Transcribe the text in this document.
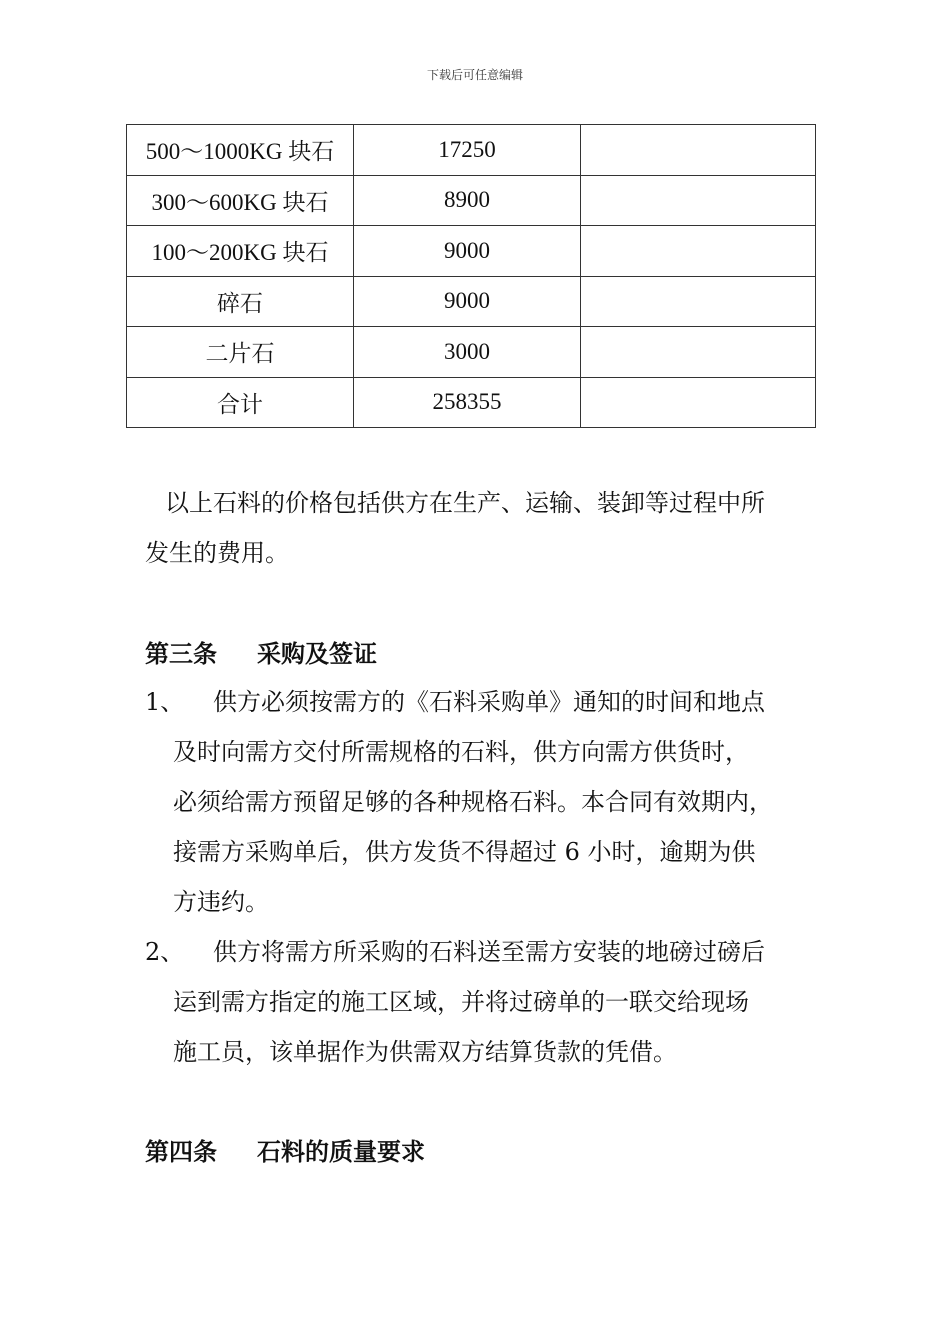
下载后可任意编辑
500～1000KG 块石	17250	
300～600KG 块石	8900	
100～200KG 块石	9000	
碎石	9000	
二片石	3000	
合计	258355	
以上石料的价格包括供方在生产、运输、装卸等过程中所
发生的费用。
第三条 采购及签证
1、	供方必须按需方的《石料采购单》通知的时间和地点
及时向需方交付所需规格的石料，供方向需方供货时，
必须给需方预留足够的各种规格石料。本合同有效期内，
接需方采购单后，供方发货不得超过 6 小时，逾期为供
方违约。
2、	供方将需方所采购的石料送至需方安装的地磅过磅后
运到需方指定的施工区域，并将过磅单的一联交给现场
施工员，该单据作为供需双方结算货款的凭借。
第四条 石料的质量要求
